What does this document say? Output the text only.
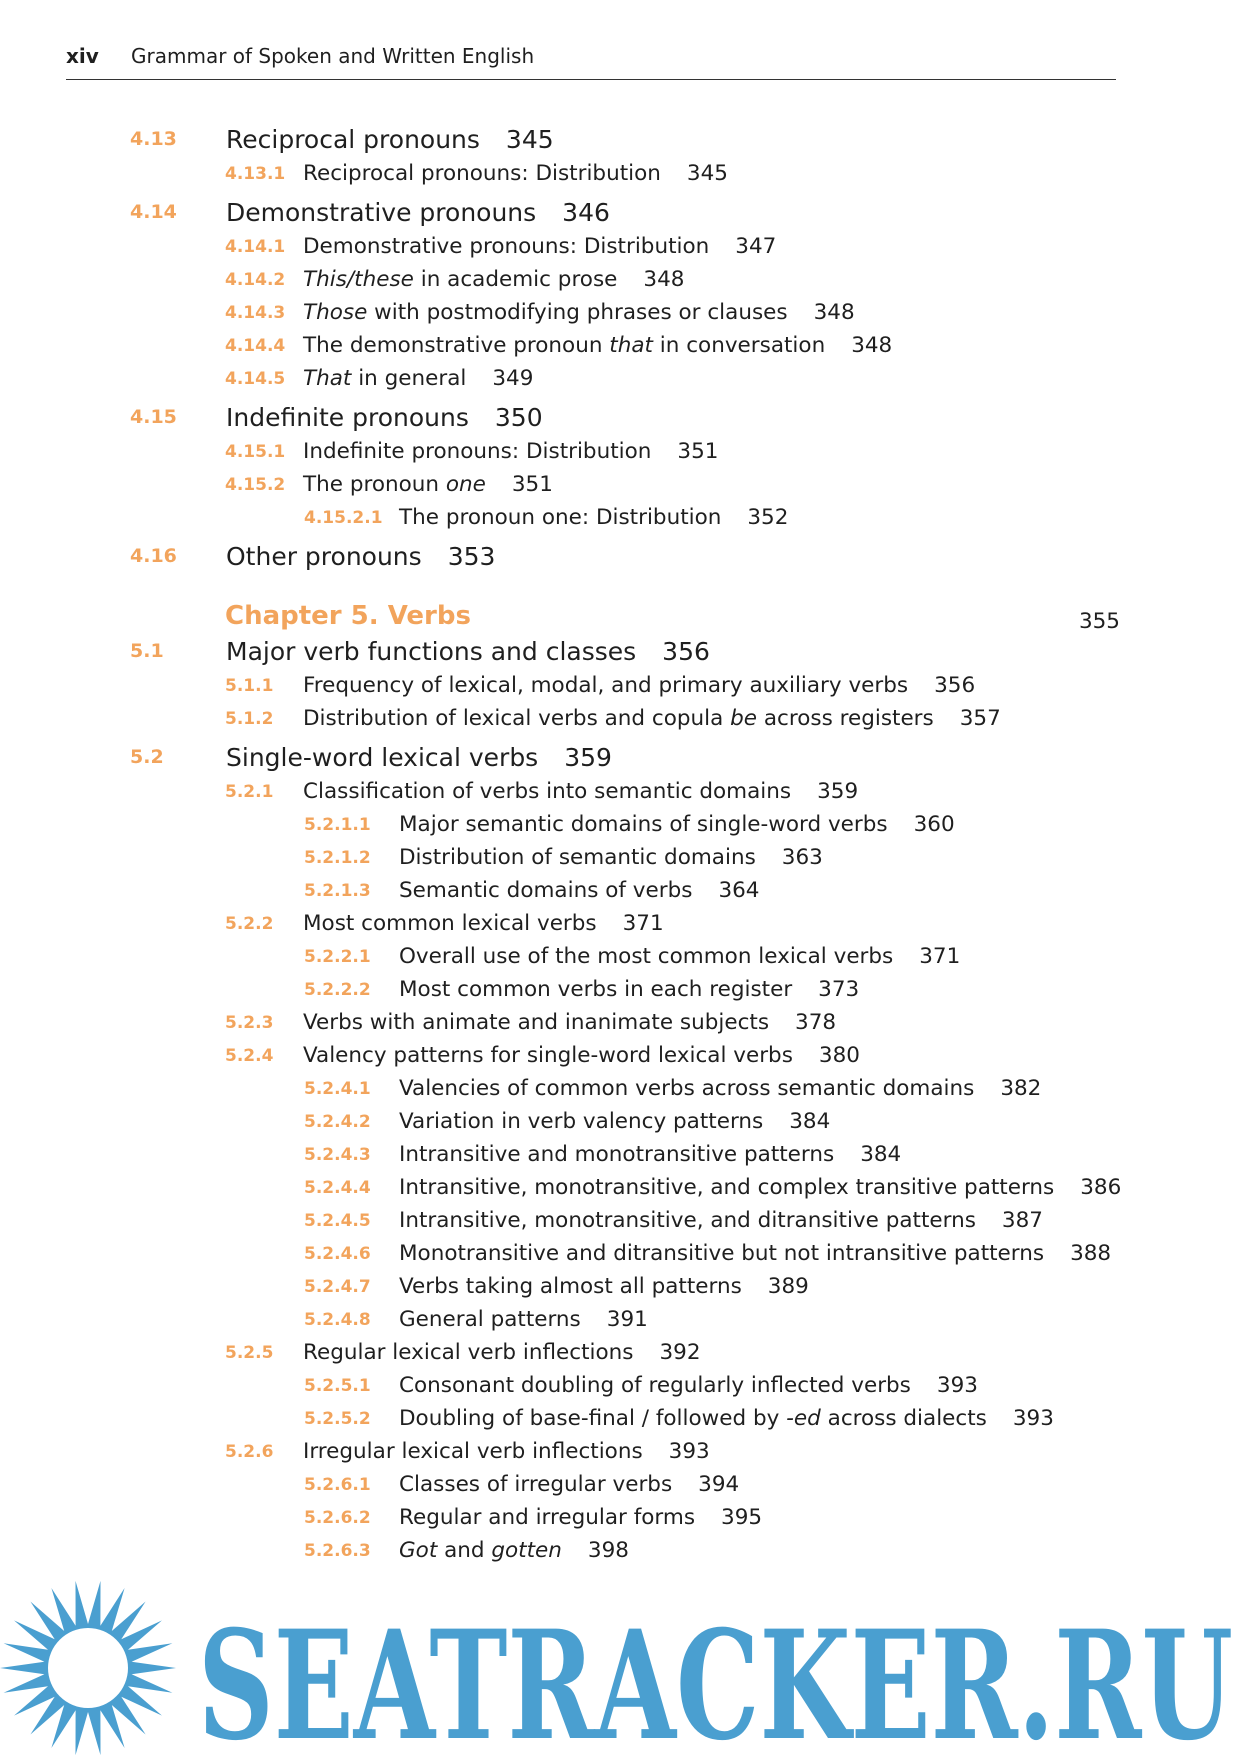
xiv Grammar of Spoken and Written English
4.13 Reciprocal pronouns 345
4.13.1 Reciprocal pronouns: Distribution 345
4.14 Demonstrative pronouns 346
4.14.1 Demonstrative pronouns: Distribution 347
4.14.2 This/these in academic prose 348
4.14.3 Those with postmodifying phrases or clauses 348
4.14.4 The demonstrative pronoun that in conversation 348
4.14.5 That in general 349
4.15 Indefinite pronouns 350
4.15.1 Indefinite pronouns: Distribution 351
4.15.2 The pronoun one 351
4.15.2.1 The pronoun one: Distribution 352
4.16 Other pronouns 353
5.1 Major verb functions and classes 356
5.1.1 Frequency of lexical, modal, and primary auxiliary verbs 356
5.1.2 Distribution of lexical verbs and copula be across registers 357
5.2 Single-word lexical verbs 359
5.2.1 Classification of verbs into semantic domains 359
5.2.1.1 Major semantic domains of single-word verbs 360
5.2.1.2 Distribution of semantic domains 363
5.2.1.3 Semantic domains of verbs 364
5.2.2 Most common lexical verbs 371
5.2.2.1 Overall use of the most common lexical verbs 371
5.2.2.2 Most common verbs in each register 373
5.2.3 Verbs with animate and inanimate subjects 378
5.2.4 Valency patterns for single-word lexical verbs 380
5.2.4.1 Valencies of common verbs across semantic domains 382
5.2.4.2 Variation in verb valency patterns 384
5.2.4.3 Intransitive and monotransitive patterns 384
5.2.4.4 Intransitive, monotransitive, and complex transitive patterns 386
5.2.4.5 Intransitive, monotransitive, and ditransitive patterns 387
5.2.4.6 Monotransitive and ditransitive but not intransitive patterns 388
5.2.4.7 Verbs taking almost all patterns 389
5.2.4.8 General patterns 391
5.2.5 Regular lexical verb inflections 392
5.2.5.1 Consonant doubling of regularly inflected verbs 393
5.2.5.2 Doubling of base-final / followed by -ed across dialects 393
5.2.6 Irregular lexical verb inflections 393
5.2.6.1 Classes of irregular verbs 394
5.2.6.2 Regular and irregular forms 395
5.2.6.3 Got and gotten 398
Chapter 5. Verbs	355
SEATRACKER.RU
